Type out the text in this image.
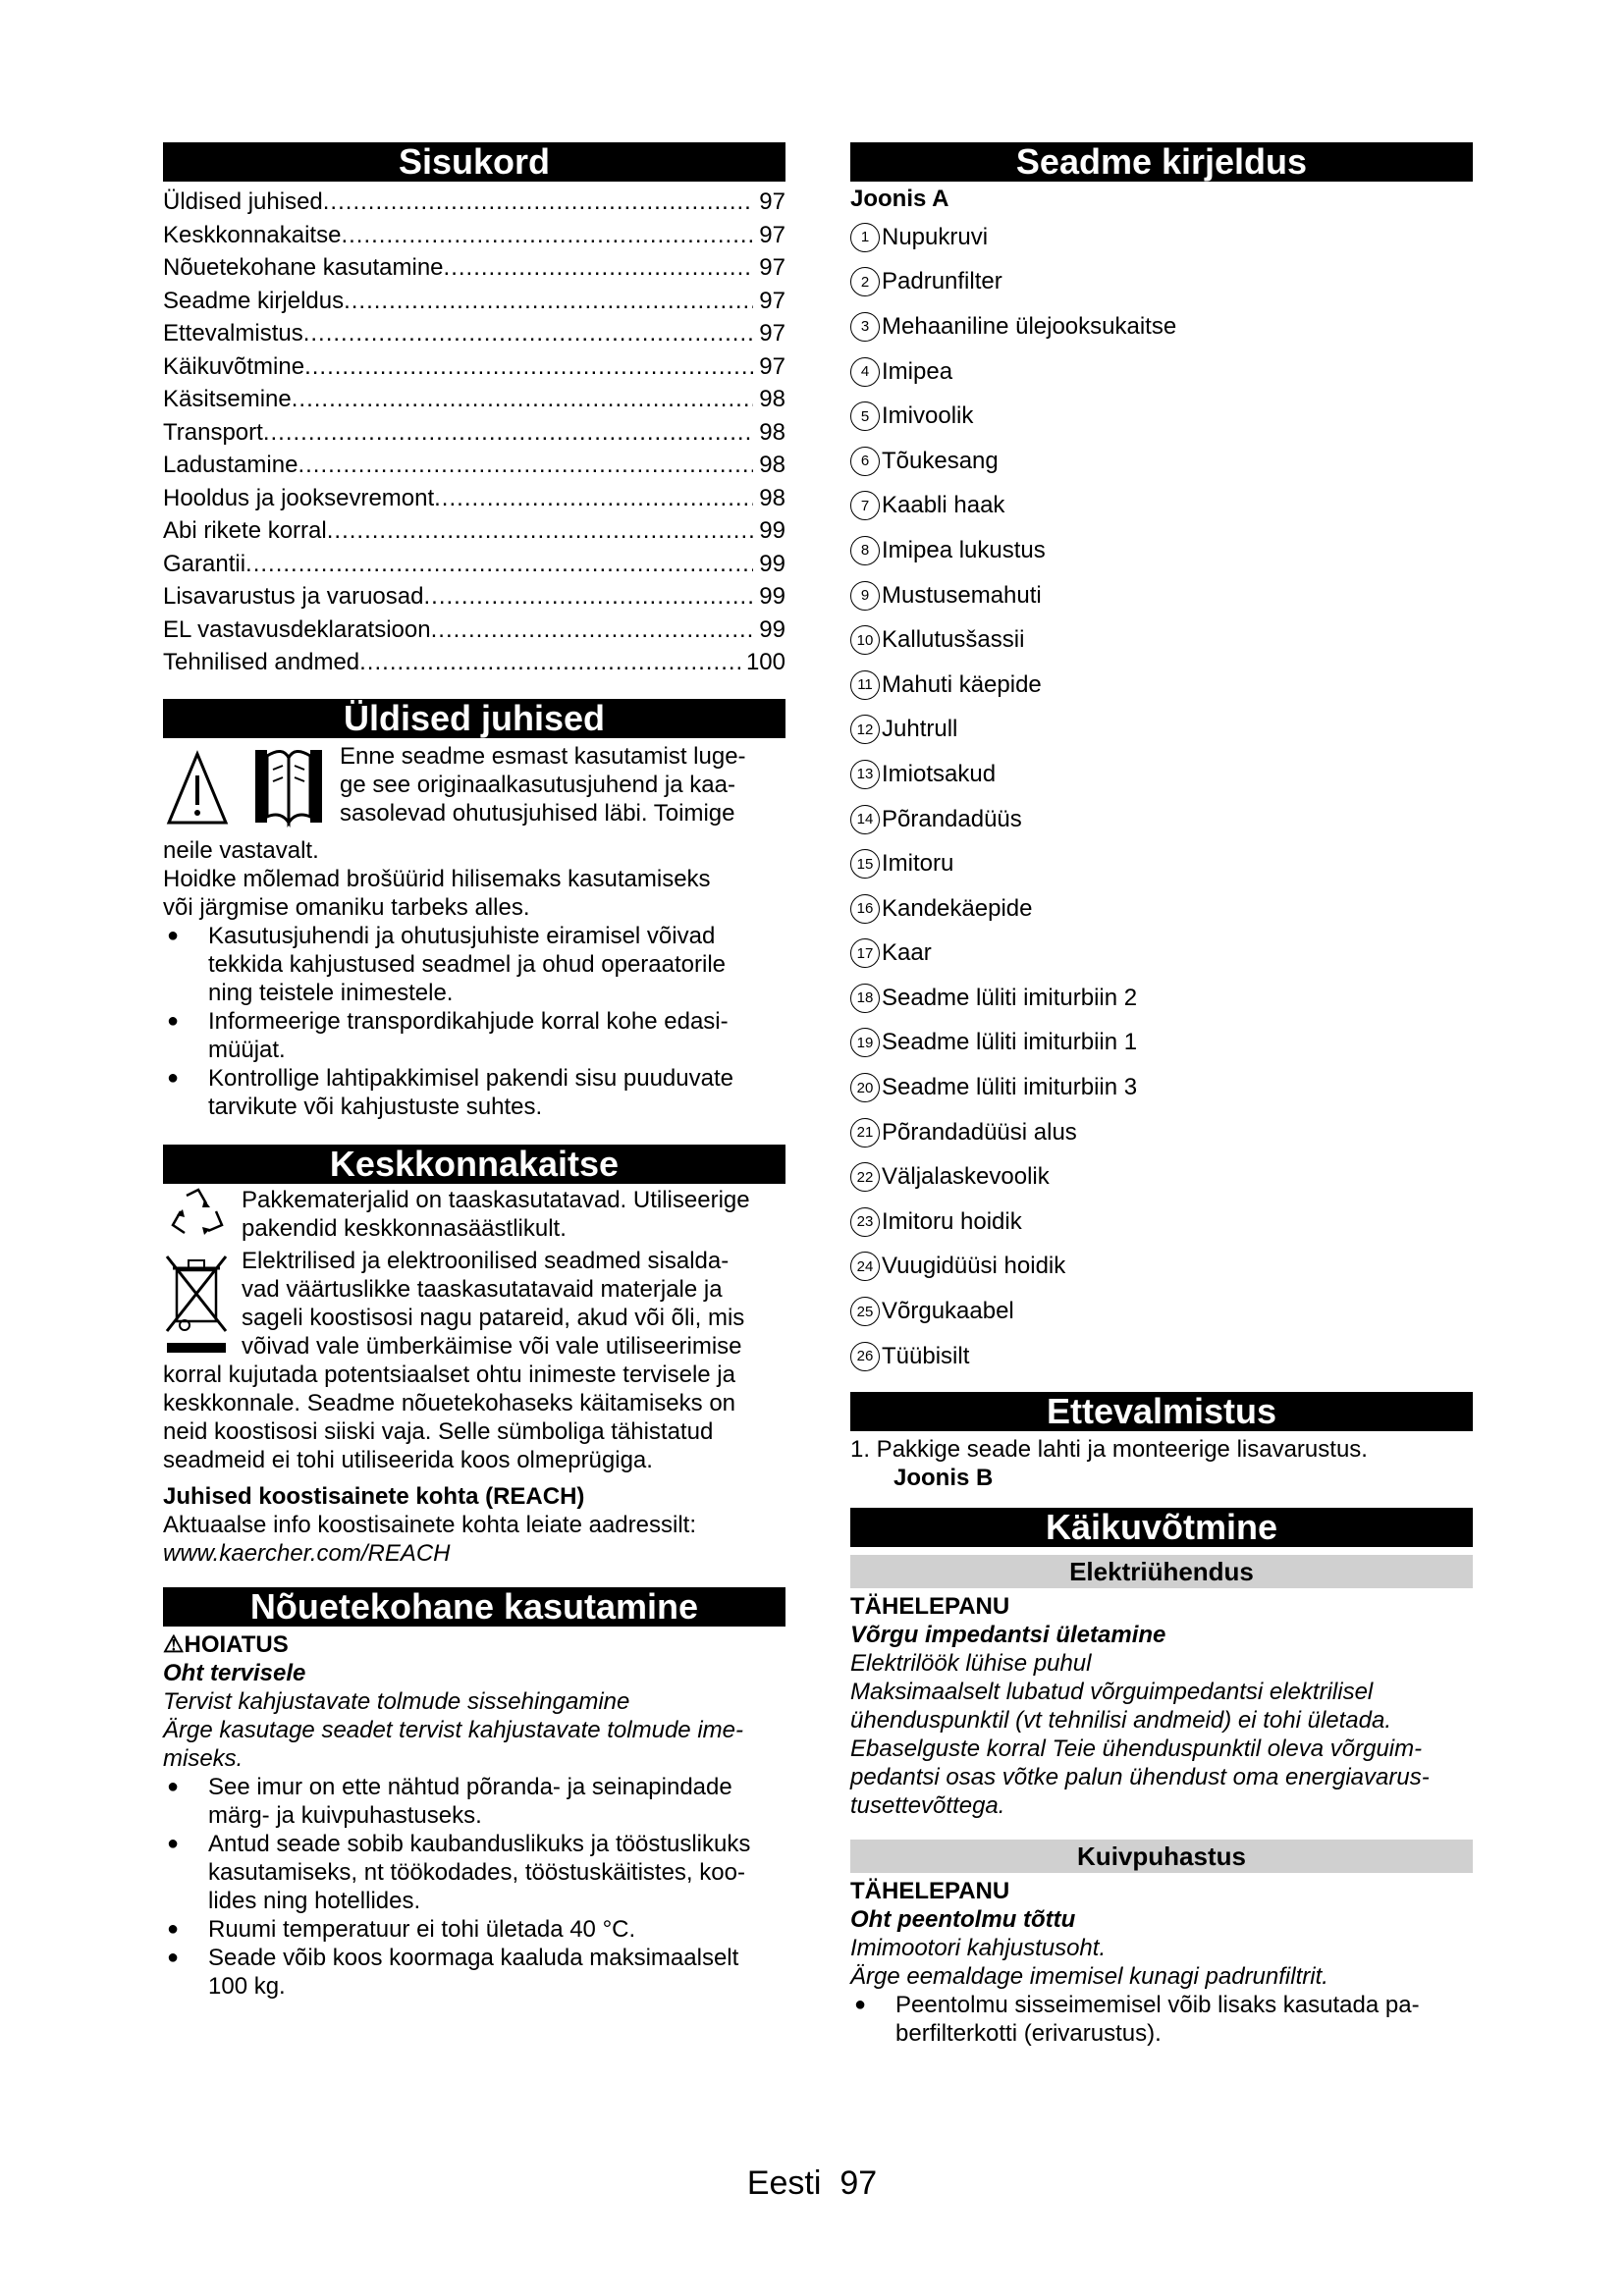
Sisukord
Üldised juhised .....	97
Keskkonnakaitse .....	97
Nõuetekohane kasutamine .....	97
Seadme kirjeldus .....	97
Ettevalmistus .....	97
Käikuvõtmine .....	97
Käsitsemine .....	98
Transport .....	98
Ladustamine .....	98
Hooldus ja jooksevremont .....	98
Abi rikete korral .....	99
Garantii .....	99
Lisavarustus ja varuosad .....	99
EL vastavusdeklaratsioon .....	99
Tehnilised andmed .....	100
Üldised juhised

Enne seadme esmast kasutamist luge-

ge see originaalkasutusjuhend ja kaa-

sasolevad ohutusjuhised läbi. Toimige

neile vastavalt.

Hoidke mõlemad brošüürid hilisemaks kasutamiseks

või järgmise omaniku tarbeks alles.

● Kasutusjuhendi ja ohutusjuhiste eiramisel võivad
tekkida kahjustused seadmel ja ohud operaatorile
ning teistele inimestele.
● Informeerige transpordikahjude korral kohe edasi-
müüjat.
● Kontrollige lahtipakkimisel pakendi sisu puuduvate
tarvikute või kahjustuste suhtes.
Keskkonnakaitse

Pakkematerjalid on taaskasutatavad. Utiliseerige

pakendid keskkonnasäästlikult.

Elektrilised ja elektroonilised seadmed sisalda-

vad väärtuslikke taaskasutatavaid materjale ja

sageli koostisosi nagu patareid, akud või õli, mis

võivad vale ümberkäimise või vale utiliseerimise

korral kujutada potentsiaalset ohtu inimeste tervisele ja

keskkonnale. Seadme nõuetekohaseks käitamiseks on

neid koostisosi siiski vaja. Selle sümboliga tähistatud

seadmeid ei tohi utiliseerida koos olmeprügiga.

Juhised koostisainete kohta (REACH)

Aktuaalse info koostisainete kohta leiate aadressilt:

www.kaercher.com/REACH

Nõuetekohane kasutamine

⚠HOIATUS

Oht tervisele

Tervist kahjustavate tolmude sissehingamine

Ärge kasutage seadet tervist kahjustavate tolmude ime-

miseks.

● See imur on ette nähtud põranda- ja seinapindade
märg- ja kuivpuhastuseks.
● Antud seade sobib kaubanduslikuks ja tööstuslikuks
kasutamiseks, nt töökodades, tööstuskäitistes, koo-
lides ning hotellides.
● Ruumi temperatuur ei tohi ületada 40 °C.
● Seade võib koos koormaga kaaluda maksimaalselt
100 kg.
Seadme kirjeldus

Joonis A

1 Nupukruvi
2 Padrunfilter
3 Mehaaniline ülejooksukaitse
4 Imipea
5 Imivoolik
6 Tõukesang
7 Kaabli haak
8 Imipea lukustus
9 Mustusemahuti
10 Kallutusšassii
11 Mahuti käepide
12 Juhtrull
13 Imiotsakud
14 Põrandadüüs
15 Imitoru
16 Kandekäepide
17 Kaar
18 Seadme lüliti imiturbiin 2
19 Seadme lüliti imiturbiin 1
20 Seadme lüliti imiturbiin 3
21 Põrandadüüsi alus
22 Väljalaskevoolik
23 Imitoru hoidik
24 Vuugidüüsi hoidik
25 Võrgukaabel
26 Tüübisilt
Ettevalmistus

1. Pakkige seade lahti ja monteerige lisavarustus.

Joonis B

Käikuvõtmine
Elektriühendus

TÄHELEPANU

Võrgu impedantsi ületamine

Elektrilöök lühise puhul

Maksimaalselt lubatud võrguimpedantsi elektrilisel

ühenduspunktil (vt tehnilisi andmeid) ei tohi ületada.

Ebaselguste korral Teie ühenduspunktil oleva võrguim-

pedantsi osas võtke palun ühendust oma energiavarus-

tusettevõttega.

Kuivpuhastus

TÄHELEPANU

Oht peentolmu tõttu

Imimootori kahjustusoht.

Ärge eemaldage imemisel kunagi padrunfiltrit.

● Peentolmu sisseimemisel võib lisaks kasutada pa-
berfilterkotti (erivarustus).
Eesti 97
